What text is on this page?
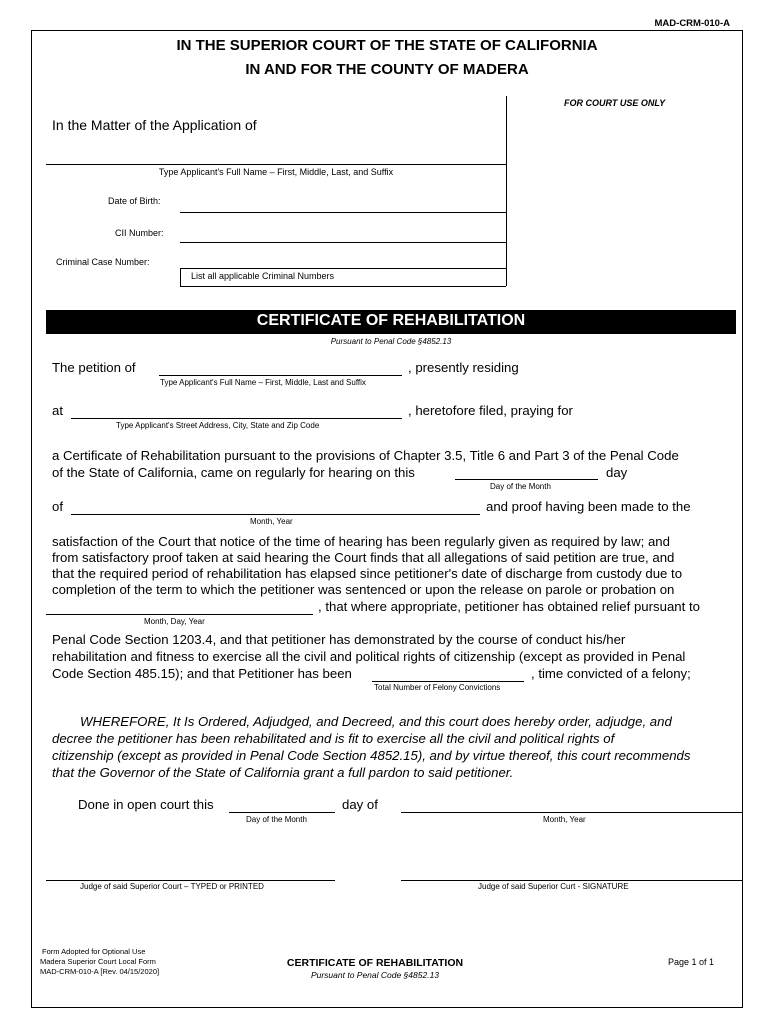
MAD-CRM-010-A
IN THE SUPERIOR COURT OF THE STATE OF CALIFORNIA
IN AND FOR THE COUNTY OF MADERA
FOR COURT USE ONLY
In the Matter of the Application of
Type Applicant's Full Name – First, Middle, Last, and Suffix
Date of Birth:
CII Number:
Criminal Case Number:
List all applicable Criminal Numbers
CERTIFICATE OF REHABILITATION
Pursuant to Penal Code §4852.13
The petition of	, presently residing
Type Applicant's Full Name – First, Middle, Last and Suffix
at	, heretofore filed, praying for
Type Applicant's Street Address, City, State and Zip Code
a Certificate of Rehabilitation pursuant to the provisions of Chapter 3.5, Title 6 and Part 3 of the Penal Code
of the State of California, came on regularly for hearing on this	day
Day of the Month
of	and proof having been made to the
Month, Year
satisfaction of the Court that notice of the time of hearing has been regularly given as required by law; and
from satisfactory proof taken at said hearing the Court finds that all allegations of said petition are true, and
that the required period of rehabilitation has elapsed since petitioner's date of discharge from custody due to
completion of the term to which the petitioner was sentenced or upon the release on parole or probation on
, that where appropriate, petitioner has obtained relief pursuant to
Month, Day, Year
Penal Code Section 1203.4, and that petitioner has demonstrated by the course of conduct his/her
rehabilitation and fitness to exercise all the civil and political rights of citizenship (except as provided in Penal
Code Section 485.15); and that Petitioner has been	, time convicted of a felony;
Total Number of Felony Convictions
WHEREFORE, It Is Ordered, Adjudged, and Decreed, and this court does hereby order, adjudge, and
decree the petitioner has been rehabilitated and is fit to exercise all the civil and political rights of
citizenship (except as provided in Penal Code Section 4852.15), and by virtue thereof, this court recommends
that the Governor of the State of California grant a full pardon to said petitioner.
Done in open court this	day of
Day of the Month	Month, Year
Judge of said Superior Court – TYPED or PRINTED	Judge of said Superior Curt - SIGNATURE
Form Adopted for Optional Use
Madera Superior Court Local Form
MAD-CRM-010-A [Rev. 04/15/2020]
CERTIFICATE OF REHABILITATION
Pursuant to Penal Code §4852.13
Page 1 of 1
